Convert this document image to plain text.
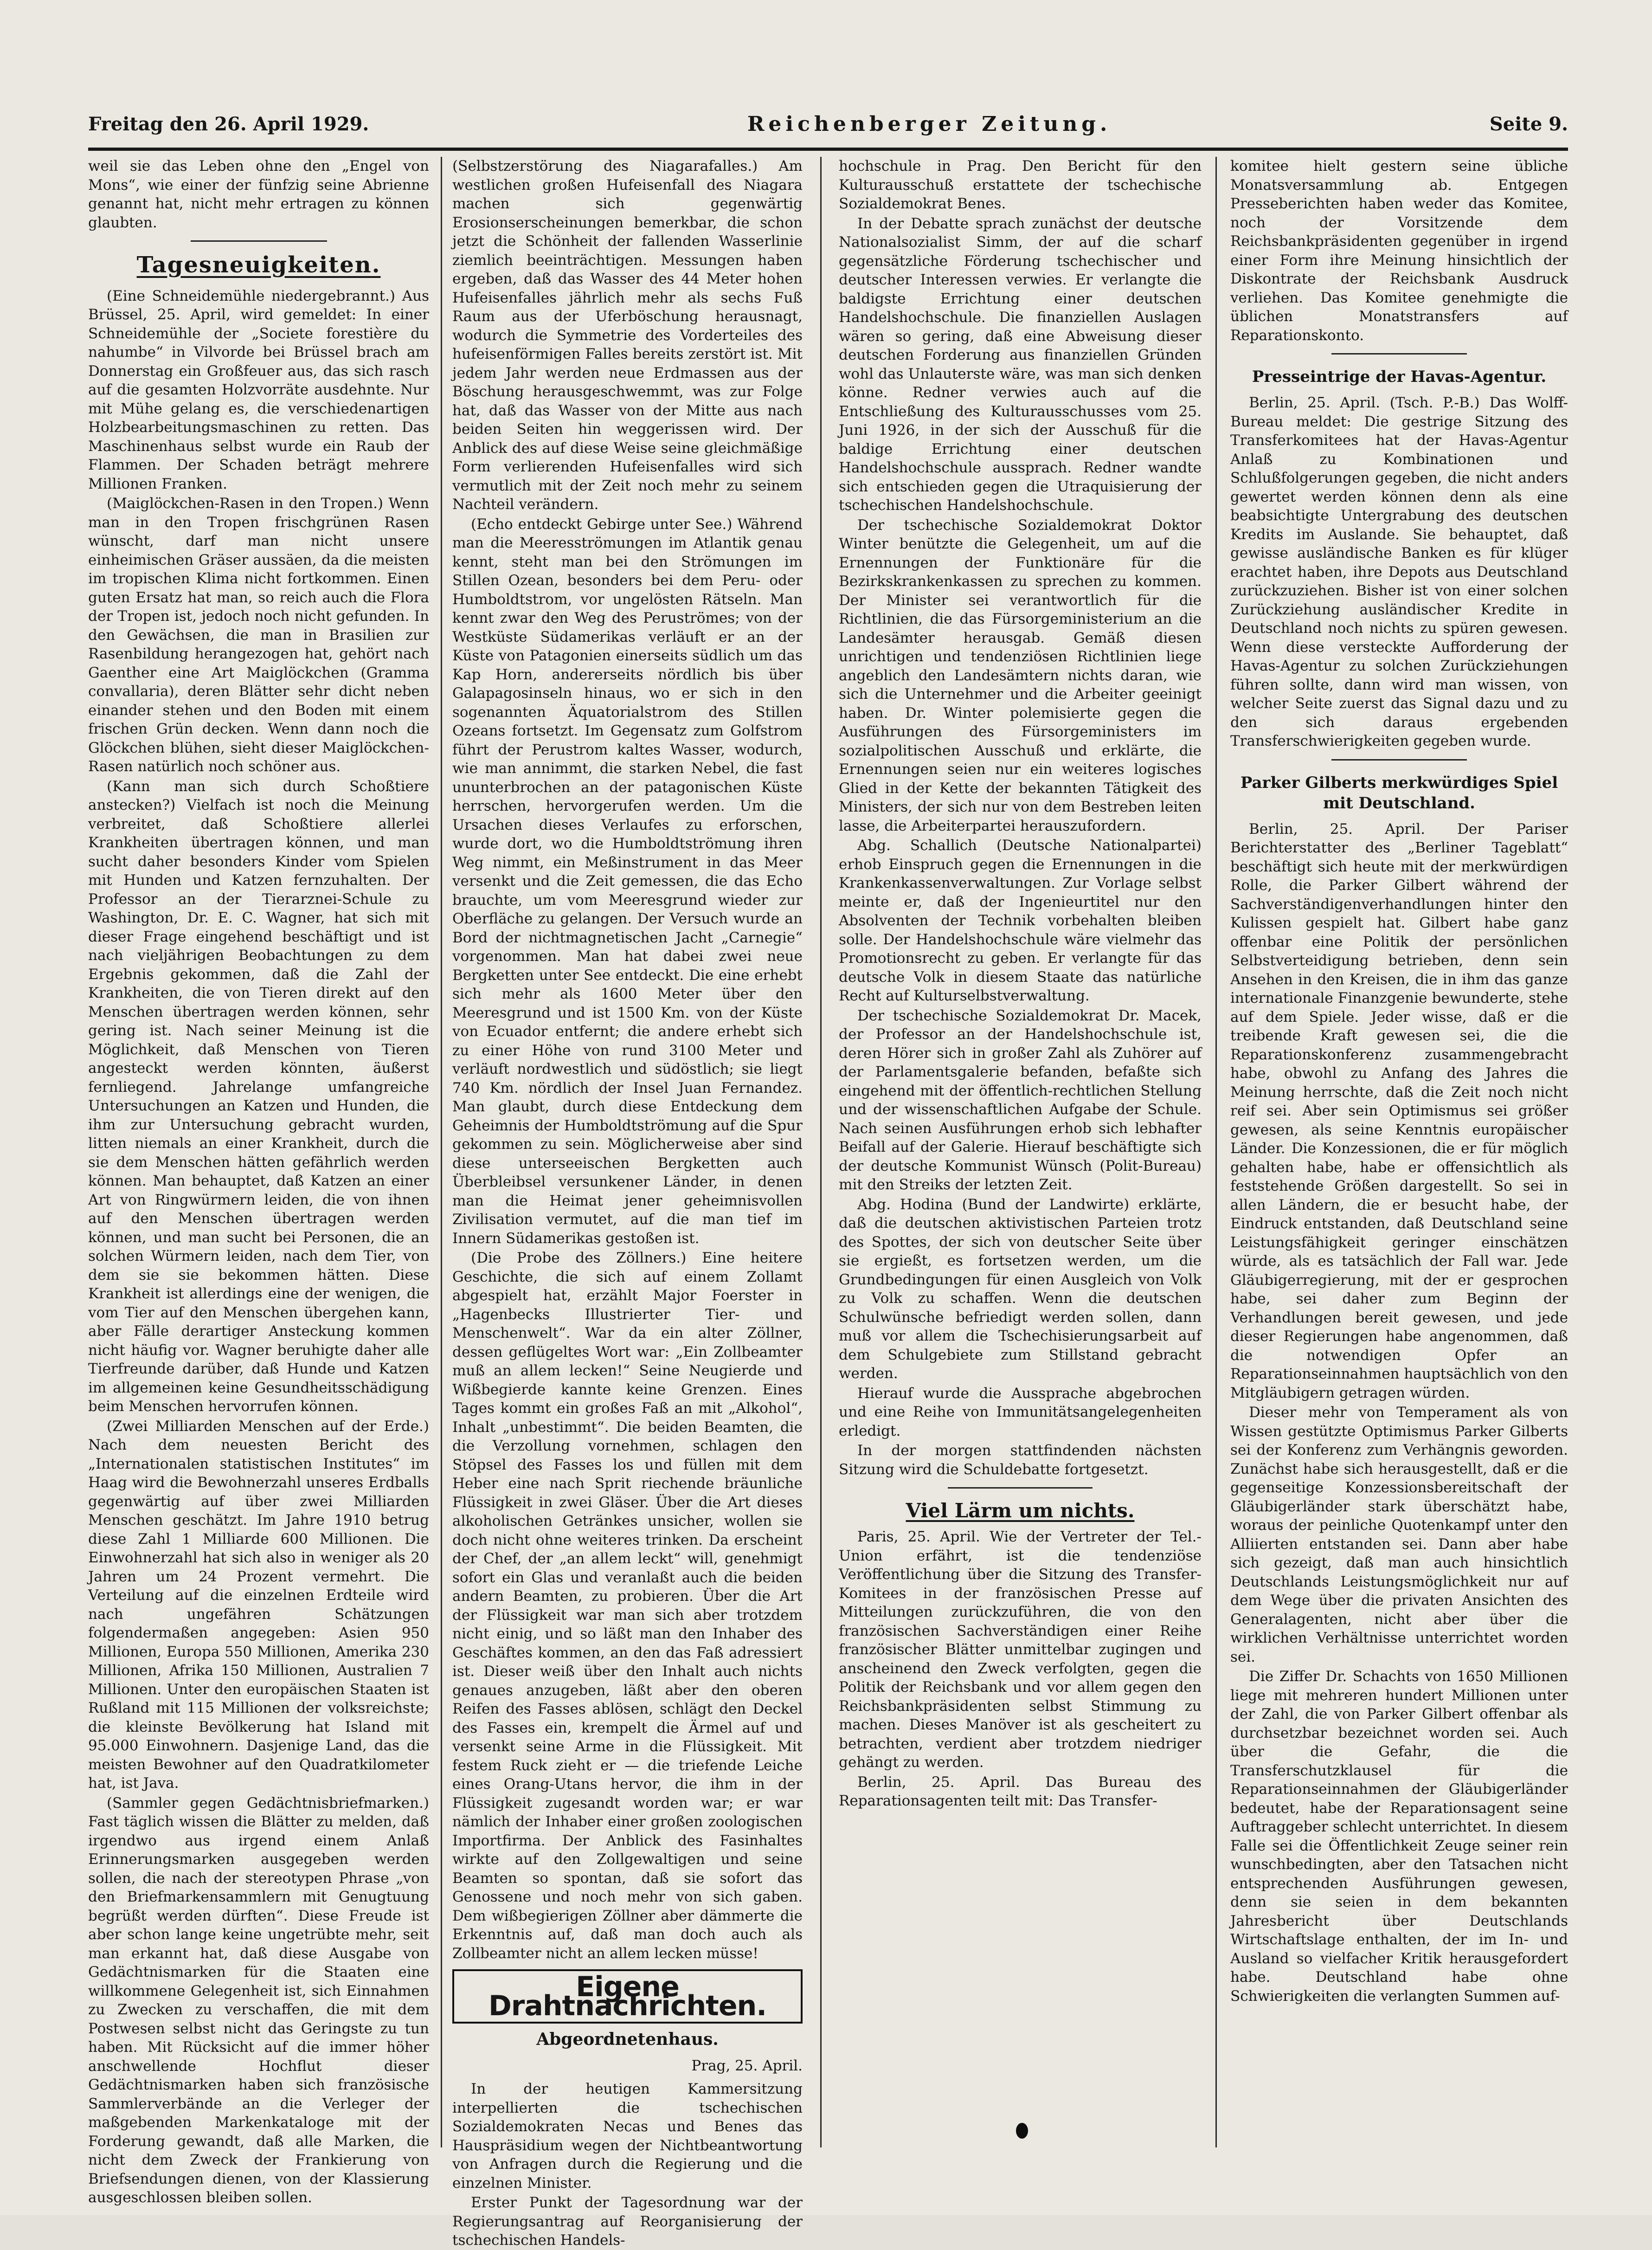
Freitag den 26. April 1929.	Reichenberger Zeitung.	Seite 9.

weil sie das Leben ohne den „Engel von Mons“, wie einer der fünfzig seine Abrienne genannt hat, nicht mehr ertragen zu können glaubten.

Tagesneuigkeiten.

(Eine Schneidemühle niedergebrannt.) Aus Brüssel, 25. April, wird gemeldet: In einer Schneidemühle der „Societe forestière du nahumbe“ in Vilvorde bei Brüssel brach am Donnerstag ein Großfeuer aus, das sich rasch auf die gesamten Holzvorräte ausdehnte. Nur mit Mühe gelang es, die verschiedenartigen Holzbearbeitungsmaschinen zu retten. Das Maschinenhaus selbst wurde ein Raub der Flammen. Der Schaden beträgt mehrere Millionen Franken.

(Maiglöckchen-Rasen in den Tropen.) Wenn man in den Tropen frischgrünen Rasen wünscht, darf man nicht unsere einheimischen Gräser aussäen, da die meisten im tropischen Klima nicht fortkommen. Einen guten Ersatz hat man, so reich auch die Flora der Tropen ist, jedoch noch nicht gefunden. In den Gewächsen, die man in Brasilien zur Rasenbildung herangezogen hat, gehört nach Gaenther eine Art Maiglöckchen (Gramma convallaria), deren Blätter sehr dicht neben einander stehen und den Boden mit einem frischen Grün decken. Wenn dann noch die Glöckchen blühen, sieht dieser Maiglöckchen-Rasen natürlich noch schöner aus.

(Kann man sich durch Schoßtiere anstecken?) Vielfach ist noch die Meinung verbreitet, daß Schoßtiere allerlei Krankheiten übertragen können, und man sucht daher besonders Kinder vom Spielen mit Hunden und Katzen fernzuhalten. Der Professor an der Tierarznei-Schule zu Washington, Dr. E. C. Wagner, hat sich mit dieser Frage eingehend beschäftigt und ist nach vieljährigen Beobachtungen zu dem Ergebnis gekommen, daß die Zahl der Krankheiten, die von Tieren direkt auf den Menschen übertragen werden können, sehr gering ist. Nach seiner Meinung ist die Möglichkeit, daß Menschen von Tieren angesteckt werden könnten, äußerst fernliegend. Jahrelange umfangreiche Untersuchungen an Katzen und Hunden, die ihm zur Untersuchung gebracht wurden, litten niemals an einer Krankheit, durch die sie dem Menschen hätten gefährlich werden können. Man behauptet, daß Katzen an einer Art von Ringwürmern leiden, die von ihnen auf den Menschen übertragen werden können, und man sucht bei Personen, die an solchen Würmern leiden, nach dem Tier, von dem sie sie bekommen hätten. Diese Krankheit ist allerdings eine der wenigen, die vom Tier auf den Menschen übergehen kann, aber Fälle derartiger Ansteckung kommen nicht häufig vor. Wagner beruhigte daher alle Tierfreunde darüber, daß Hunde und Katzen im allgemeinen keine Gesundheitsschädigung beim Menschen hervorrufen können.

(Zwei Milliarden Menschen auf der Erde.) Nach dem neuesten Bericht des „Internationalen statistischen Institutes“ im Haag wird die Bewohnerzahl unseres Erdballs gegenwärtig auf über zwei Milliarden Menschen geschätzt. Im Jahre 1910 betrug diese Zahl 1 Milliarde 600 Millionen. Die Einwohnerzahl hat sich also in weniger als 20 Jahren um 24 Prozent vermehrt. Die Verteilung auf die einzelnen Erdteile wird nach ungefähren Schätzungen folgendermaßen angegeben: Asien 950 Millionen, Europa 550 Millionen, Amerika 230 Millionen, Afrika 150 Millionen, Australien 7 Millionen. Unter den europäischen Staaten ist Rußland mit 115 Millionen der volksreichste; die kleinste Bevölkerung hat Island mit 95.000 Einwohnern. Dasjenige Land, das die meisten Bewohner auf den Quadratkilometer hat, ist Java.

(Sammler gegen Gedächtnisbriefmarken.) Fast täglich wissen die Blätter zu melden, daß irgendwo aus irgend einem Anlaß Erinnerungsmarken ausgegeben werden sollen, die nach der stereotypen Phrase „von den Briefmarkensammlern mit Genugtuung begrüßt werden dürften“. Diese Freude ist aber schon lange keine ungetrübte mehr, seit man erkannt hat, daß diese Ausgabe von Gedächtnismarken für die Staaten eine willkommene Gelegenheit ist, sich Einnahmen zu Zwecken zu verschaffen, die mit dem Postwesen selbst nicht das Geringste zu tun haben. Mit Rücksicht auf die immer höher anschwellende Hochflut dieser Gedächtnismarken haben sich französische Sammlerverbände an die Verleger der maßgebenden Markenkataloge mit der Forderung gewandt, daß alle Marken, die nicht dem Zweck der Frankierung von Briefsendungen dienen, von der Klassierung ausgeschlossen bleiben sollen.

(Selbstzerstörung des Niagarafalles.) Am westlichen großen Hufeisenfall des Niagara machen sich gegenwärtig Erosionserscheinungen bemerkbar, die schon jetzt die Schönheit der fallenden Wasserlinie ziemlich beeinträchtigen. Messungen haben ergeben, daß das Wasser des 44 Meter hohen Hufeisenfalles jährlich mehr als sechs Fuß Raum aus der Uferböschung herausnagt, wodurch die Symmetrie des Vorderteiles des hufeisenförmigen Falles bereits zerstört ist. Mit jedem Jahr werden neue Erdmassen aus der Böschung herausgeschwemmt, was zur Folge hat, daß das Wasser von der Mitte aus nach beiden Seiten hin weggerissen wird. Der Anblick des auf diese Weise seine gleichmäßige Form verlierenden Hufeisenfalles wird sich vermutlich mit der Zeit noch mehr zu seinem Nachteil verändern.

(Echo entdeckt Gebirge unter See.) Während man die Meeresströmungen im Atlantik genau kennt, steht man bei den Strömungen im Stillen Ozean, besonders bei dem Peru- oder Humboldtstrom, vor ungelösten Rätseln. Man kennt zwar den Weg des Peruströmes; von der Westküste Südamerikas verläuft er an der Küste von Patagonien einerseits südlich um das Kap Horn, andererseits nördlich bis über Galapagosinseln hinaus, wo er sich in den sogenannten Äquatorialstrom des Stillen Ozeans fortsetzt. Im Gegensatz zum Golfstrom führt der Perustrom kaltes Wasser, wodurch, wie man annimmt, die starken Nebel, die fast ununterbrochen an der patagonischen Küste herrschen, hervorgerufen werden. Um die Ursachen dieses Verlaufes zu erforschen, wurde dort, wo die Humboldtströmung ihren Weg nimmt, ein Meßinstrument in das Meer versenkt und die Zeit gemessen, die das Echo brauchte, um vom Meeresgrund wieder zur Oberfläche zu gelangen. Der Versuch wurde an Bord der nichtmagnetischen Jacht „Carnegie“ vorgenommen. Man hat dabei zwei neue Bergketten unter See entdeckt. Die eine erhebt sich mehr als 1600 Meter über den Meeresgrund und ist 1500 Km. von der Küste von Ecuador entfernt; die andere erhebt sich zu einer Höhe von rund 3100 Meter und verläuft nordwestlich und südöstlich; sie liegt 740 Km. nördlich der Insel Juan Fernandez. Man glaubt, durch diese Entdeckung dem Geheimnis der Humboldtströmung auf die Spur gekommen zu sein. Möglicherweise aber sind diese unterseeischen Bergketten auch Überbleibsel versunkener Länder, in denen man die Heimat jener geheimnisvollen Zivilisation vermutet, auf die man tief im Innern Südamerikas gestoßen ist.

(Die Probe des Zöllners.) Eine heitere Geschichte, die sich auf einem Zollamt abgespielt hat, erzählt Major Foerster in „Hagenbecks Illustrierter Tier- und Menschenwelt“. War da ein alter Zöllner, dessen geflügeltes Wort war: „Ein Zollbeamter muß an allem lecken!“ Seine Neugierde und Wißbegierde kannte keine Grenzen. Eines Tages kommt ein großes Faß an mit „Alkohol“, Inhalt „unbestimmt“. Die beiden Beamten, die die Verzollung vornehmen, schlagen den Stöpsel des Fasses los und füllen mit dem Heber eine nach Sprit riechende bräunliche Flüssigkeit in zwei Gläser. Über die Art dieses alkoholischen Getränkes unsicher, wollen sie doch nicht ohne weiteres trinken. Da erscheint der Chef, der „an allem leckt“ will, genehmigt sofort ein Glas und veranlaßt auch die beiden andern Beamten, zu probieren. Über die Art der Flüssigkeit war man sich aber trotzdem nicht einig, und so läßt man den Inhaber des Geschäftes kommen, an den das Faß adressiert ist. Dieser weiß über den Inhalt auch nichts genaues anzugeben, läßt aber den oberen Reifen des Fasses ablösen, schlägt den Deckel des Fasses ein, krempelt die Ärmel auf und versenkt seine Arme in die Flüssigkeit. Mit festem Ruck zieht er — die triefende Leiche eines Orang-Utans hervor, die ihm in der Flüssigkeit zugesandt worden war; er war nämlich der Inhaber einer großen zoologischen Importfirma. Der Anblick des Fasinhaltes wirkte auf den Zollgewaltigen und seine Beamten so spontan, daß sie sofort das Genossene und noch mehr von sich gaben. Dem wißbegierigen Zöllner aber dämmerte die Erkenntnis auf, daß man doch auch als Zollbeamter nicht an allem lecken müsse!

Eigene Drahtnachrichten.
Abgeordnetenhaus.

Prag, 25. April.

In der heutigen Kammersitzung interpellierten die tschechischen Sozialdemokraten Necas und Benes das Hauspräsidium wegen der Nichtbeantwortung von Anfragen durch die Regierung und die einzelnen Minister.

Erster Punkt der Tagesordnung war der Regierungsantrag auf Reorganisierung der tschechischen Handels-

hochschule in Prag. Den Bericht für den Kulturausschuß erstattete der tschechische Sozialdemokrat Benes.

In der Debatte sprach zunächst der deutsche Nationalsozialist Simm, der auf die scharf gegensätzliche Förderung tschechischer und deutscher Interessen verwies. Er verlangte die baldigste Errichtung einer deutschen Handelshochschule. Die finanziellen Auslagen wären so gering, daß eine Abweisung dieser deutschen Forderung aus finanziellen Gründen wohl das Unlauterste wäre, was man sich denken könne. Redner verwies auch auf die Entschließung des Kulturausschusses vom 25. Juni 1926, in der sich der Ausschuß für die baldige Errichtung einer deutschen Handelshochschule aussprach. Redner wandte sich entschieden gegen die Utraquisierung der tschechischen Handelshochschule.

Der tschechische Sozialdemokrat Doktor Winter benützte die Gelegenheit, um auf die Ernennungen der Funktionäre für die Bezirkskrankenkassen zu sprechen zu kommen. Der Minister sei verantwortlich für die Richtlinien, die das Fürsorgeministerium an die Landesämter herausgab. Gemäß diesen unrichtigen und tendenziösen Richtlinien liege angeblich den Landesämtern nichts daran, wie sich die Unternehmer und die Arbeiter geeinigt haben. Dr. Winter polemisierte gegen die Ausführungen des Fürsorgeministers im sozialpolitischen Ausschuß und erklärte, die Ernennungen seien nur ein weiteres logisches Glied in der Kette der bekannten Tätigkeit des Ministers, der sich nur von dem Bestreben leiten lasse, die Arbeiterpartei herauszufordern.

Abg. Schallich (Deutsche Nationalpartei) erhob Einspruch gegen die Ernennungen in die Krankenkassenverwaltungen. Zur Vorlage selbst meinte er, daß der Ingenieurtitel nur den Absolventen der Technik vorbehalten bleiben solle. Der Handelshochschule wäre vielmehr das Promotionsrecht zu geben. Er verlangte für das deutsche Volk in diesem Staate das natürliche Recht auf Kulturselbstverwaltung.

Der tschechische Sozialdemokrat Dr. Macek, der Professor an der Handelshochschule ist, deren Hörer sich in großer Zahl als Zuhörer auf der Parlamentsgalerie befanden, befaßte sich eingehend mit der öffentlich-rechtlichen Stellung und der wissenschaftlichen Aufgabe der Schule. Nach seinen Ausführungen erhob sich lebhafter Beifall auf der Galerie. Hierauf beschäftigte sich der deutsche Kommunist Wünsch (Polit-Bureau) mit den Streiks der letzten Zeit.

Abg. Hodina (Bund der Landwirte) erklärte, daß die deutschen aktivistischen Parteien trotz des Spottes, der sich von deutscher Seite über sie ergießt, es fortsetzen werden, um die Grundbedingungen für einen Ausgleich von Volk zu Volk zu schaffen. Wenn die deutschen Schulwünsche befriedigt werden sollen, dann muß vor allem die Tschechisierungsarbeit auf dem Schulgebiete zum Stillstand gebracht werden.

Hierauf wurde die Aussprache abgebrochen und eine Reihe von Immunitätsangelegenheiten erledigt.

In der morgen stattfindenden nächsten Sitzung wird die Schuldebatte fortgesetzt.

Viel Lärm um nichts.

Paris, 25. April. Wie der Vertreter der Tel.-Union erfährt, ist die tendenziöse Veröffentlichung über die Sitzung des Transfer-Komitees in der französischen Presse auf Mitteilungen zurückzuführen, die von den französischen Sachverständigen einer Reihe französischer Blätter unmittelbar zugingen und anscheinend den Zweck verfolgten, gegen die Politik der Reichsbank und vor allem gegen den Reichsbankpräsidenten selbst Stimmung zu machen. Dieses Manöver ist als gescheitert zu betrachten, verdient aber trotzdem niedriger gehängt zu werden.

Berlin, 25. April. Das Bureau des Reparationsagenten teilt mit: Das Transfer-

komitee hielt gestern seine übliche Monatsversammlung ab. Entgegen Presseberichten haben weder das Komitee, noch der Vorsitzende dem Reichsbankpräsidenten gegenüber in irgend einer Form ihre Meinung hinsichtlich der Diskontrate der Reichsbank Ausdruck verliehen. Das Komitee genehmigte die üblichen Monatstransfers auf Reparationskonto.

Presseintrige der Havas-Agentur.

Berlin, 25. April. (Tsch. P.-B.) Das Wolff-Bureau meldet: Die gestrige Sitzung des Transferkomitees hat der Havas-Agentur Anlaß zu Kombinationen und Schlußfolgerungen gegeben, die nicht anders gewertet werden können denn als eine beabsichtigte Untergrabung des deutschen Kredits im Auslande. Sie behauptet, daß gewisse ausländische Banken es für klüger erachtet haben, ihre Depots aus Deutschland zurückzuziehen. Bisher ist von einer solchen Zurückziehung ausländischer Kredite in Deutschland noch nichts zu spüren gewesen. Wenn diese versteckte Aufforderung der Havas-Agentur zu solchen Zurückziehungen führen sollte, dann wird man wissen, von welcher Seite zuerst das Signal dazu und zu den sich daraus ergebenden Transferschwierigkeiten gegeben wurde.

Parker Gilberts merkwürdiges Spiel mit Deutschland.

Berlin, 25. April. Der Pariser Berichterstatter des „Berliner Tageblatt“ beschäftigt sich heute mit der merkwürdigen Rolle, die Parker Gilbert während der Sachverständigenverhandlungen hinter den Kulissen gespielt hat. Gilbert habe ganz offenbar eine Politik der persönlichen Selbstverteidigung betrieben, denn sein Ansehen in den Kreisen, die in ihm das ganze internationale Finanzgenie bewunderte, stehe auf dem Spiele. Jeder wisse, daß er die treibende Kraft gewesen sei, die die Reparationskonferenz zusammengebracht habe, obwohl zu Anfang des Jahres die Meinung herrschte, daß die Zeit noch nicht reif sei. Aber sein Optimismus sei größer gewesen, als seine Kenntnis europäischer Länder. Die Konzessionen, die er für möglich gehalten habe, habe er offensichtlich als feststehende Größen dargestellt. So sei in allen Ländern, die er besucht habe, der Eindruck entstanden, daß Deutschland seine Leistungsfähigkeit geringer einschätzen würde, als es tatsächlich der Fall war. Jede Gläubigerregierung, mit der er gesprochen habe, sei daher zum Beginn der Verhandlungen bereit gewesen, und jede dieser Regierungen habe angenommen, daß die notwendigen Opfer an Reparationseinnahmen hauptsächlich von den Mitgläubigern getragen würden.

Dieser mehr von Temperament als von Wissen gestützte Optimismus Parker Gilberts sei der Konferenz zum Verhängnis geworden. Zunächst habe sich herausgestellt, daß er die gegenseitige Konzessionsbereitschaft der Gläubigerländer stark überschätzt habe, woraus der peinliche Quotenkampf unter den Alliierten entstanden sei. Dann aber habe sich gezeigt, daß man auch hinsichtlich Deutschlands Leistungsmöglichkeit nur auf dem Wege über die privaten Ansichten des Generalagenten, nicht aber über die wirklichen Verhältnisse unterrichtet worden sei.

Die Ziffer Dr. Schachts von 1650 Millionen liege mit mehreren hundert Millionen unter der Zahl, die von Parker Gilbert offenbar als durchsetzbar bezeichnet worden sei. Auch über die Gefahr, die die Transferschutzklausel für die Reparationseinnahmen der Gläubigerländer bedeutet, habe der Reparationsagent seine Auftraggeber schlecht unterrichtet. In diesem Falle sei die Öffentlichkeit Zeuge seiner rein wunschbedingten, aber den Tatsachen nicht entsprechenden Ausführungen gewesen, denn sie seien in dem bekannten Jahresbericht über Deutschlands Wirtschaftslage enthalten, der im In- und Ausland so vielfacher Kritik herausgefordert habe. Deutschland habe ohne Schwierigkeiten die verlangten Summen auf-
